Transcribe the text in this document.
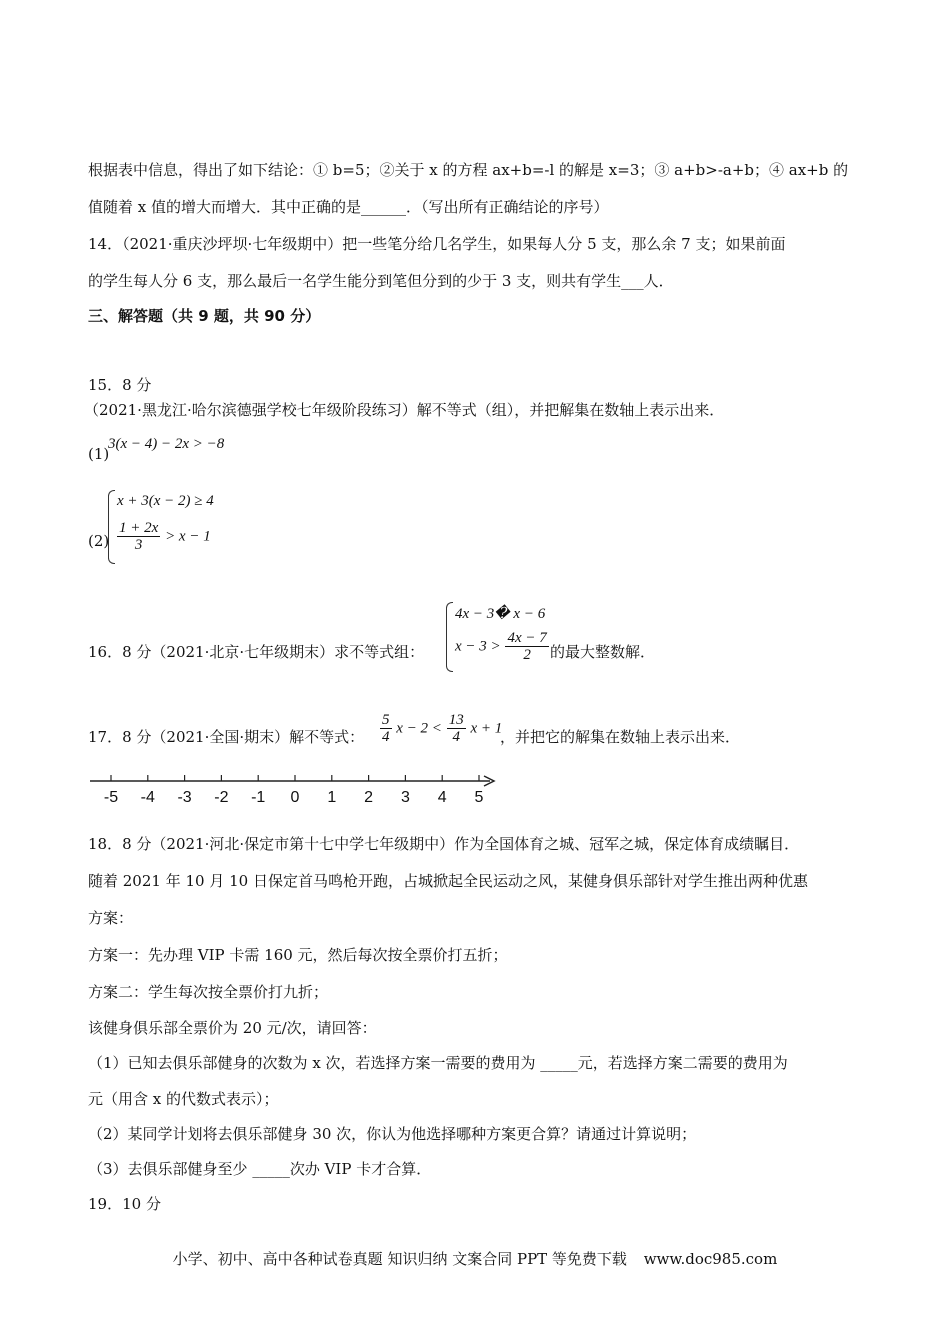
根据表中信息，得出了如下结论：① b=5；②关于 x 的方程 ax+b=-l 的解是 x=3；③ a+b>-a+b；④ ax+b 的
值随着 x 值的增大而增大．其中正确的是______．（写出所有正确结论的序号）
14．（2021·重庆沙坪坝·七年级期中）把一些笔分给几名学生，如果每人分 5 支，那么余 7 支；如果前面
的学生每人分 6 支，那么最后一名学生能分到笔但分到的少于 3 支，则共有学生___人．
三、解答题（共 9 题，共 90 分）
15．8 分
（2021·黑龙江·哈尔滨德强学校七年级阶段练习）解不等式（组），并把解集在数轴上表示出来．
(1)
3(x − 4) − 2x > −8
(2)
x + 3(x − 2) ≥ 4
$\frac{1 + 2x}{3} > x - 1$
16．8 分（2021·北京·七年级期末）求不等式组：
4x − 3� x − 6
$x - 3 > \frac{4x - 7}{2}$ 的最大整数解．
17．8 分（2021·全国·期末）解不等式： $\frac{5}{4}$ $x - 2 < \frac{13}{4}$ x + 1
，并把它的解集在数轴上表示出来．
-5 -4 -3 -2 -1 0 1 2 3 4 5
18．8 分（2021·河北·保定市第十七中学七年级期中）作为全国体育之城、冠军之城，保定体育成绩瞩目．
随着 2021 年 10 月 10 日保定首马鸣枪开跑，占城掀起全民运动之风，某健身俱乐部针对学生推出两种优惠
方案：
方案一：先办理 VIP 卡需 160 元，然后每次按全票价打五折；
方案二：学生每次按全票价打九折；
该健身俱乐部全票价为 20 元/次，请回答：
（1）已知去俱乐部健身的次数为 x 次，若选择方案一需要的费用为 _____元，若选择方案二需要的费用为
元（用含 x 的代数式表示）；
（2）某同学计划将去俱乐部健身 30 次，你认为他选择哪种方案更合算？请通过计算说明；
（3）去俱乐部健身至少 _____次办 VIP 卡才合算．
19．10 分
小学、初中、高中各种试卷真题 知识归纳 文案合同 PPT 等免费下载 www.doc985.com
